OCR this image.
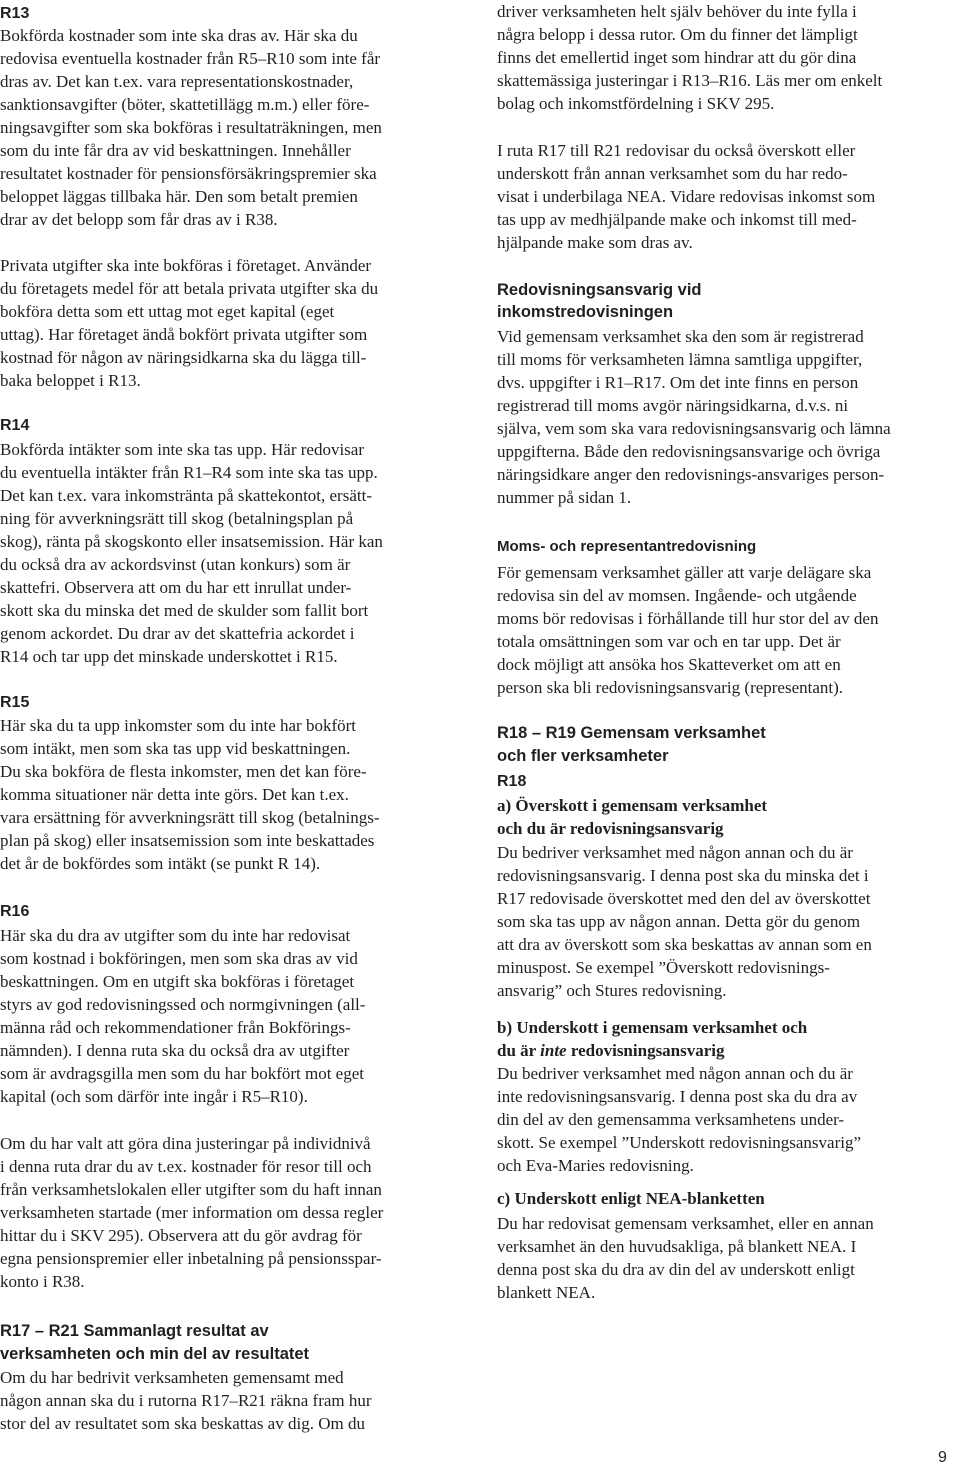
R13
Bokförda kostnader som inte ska dras av. Här ska du
redovisa eventuella kostnader från R5–R10 som inte får
dras av. Det kan t.ex. vara representationskostnader,
sanktionsavgifter (böter, skattetillägg m.m.) eller före-
ningsavgifter som ska bokföras i resultaträkningen, men
som du inte får dra av vid beskattningen. Innehåller
resultatet kostnader för pensionsförsäkringspremier ska
beloppet läggas tillbaka här. Den som betalt premien
drar av det belopp som får dras av i R38.
Privata utgifter ska inte bokföras i företaget. Använder
du företagets medel för att betala privata utgifter ska du
bokföra detta som ett uttag mot eget kapital (eget
uttag). Har företaget ändå bokfört privata utgifter som
kostnad för någon av näringsidkarna ska du lägga till-
baka beloppet i R13.
R14
Bokförda intäkter som inte ska tas upp. Här redovisar
du eventuella intäkter från R1–R4 som inte ska tas upp.
Det kan t.ex. vara inkomstränta på skattekontot, ersätt-
ning för avverkningsrätt till skog (betalningsplan på
skog), ränta på skogskonto eller insatsemission. Här kan
du också dra av ackordsvinst (utan konkurs) som är
skattefri. Observera att om du har ett inrullat under-
skott ska du minska det med de skulder som fallit bort
genom ackordet. Du drar av det skattefria ackordet i
R14 och tar upp det minskade underskottet i R15.
R15
Här ska du ta upp inkomster som du inte har bokfört
som intäkt, men som ska tas upp vid beskattningen.
Du ska bokföra de flesta inkomster, men det kan före-
komma situationer när detta inte görs. Det kan t.ex.
vara ersättning för avverkningsrätt till skog (betalnings-
plan på skog) eller insatsemission som inte beskattades
det år de bokfördes som intäkt (se punkt R 14).
R16
Här ska du dra av utgifter som du inte har redovisat
som kostnad i bokföringen, men som ska dras av vid
beskattningen. Om en utgift ska bokföras i företaget
styrs av god redovisningssed och normgivningen (all-
männa råd och rekommendationer från Bokförings-
nämnden). I denna ruta ska du också dra av utgifter
som är avdragsgilla men som du har bokfört mot eget
kapital (och som därför inte ingår i R5–R10).
Om du har valt att göra dina justeringar på individnivå
i denna ruta drar du av t.ex. kostnader för resor till och
från verksamhetslokalen eller utgifter som du haft innan
verksamheten startade (mer information om dessa regler
hittar du i SKV 295). Observera att du gör avdrag för
egna pensionspremier eller inbetalning på pensionsspar-
konto i R38.
R17 – R21 Sammanlagt resultat av
verksamheten och min del av resultatet
Om du har bedrivit verksamheten gemensamt med
någon annan ska du i rutorna R17–R21 räkna fram hur
stor del av resultatet som ska beskattas av dig. Om du
driver verksamheten helt själv behöver du inte fylla i
några belopp i dessa rutor. Om du finner det lämpligt
finns det emellertid inget som hindrar att du gör dina
skattemässiga justeringar i R13–R16. Läs mer om enkelt
bolag och inkomstfördelning i SKV 295.
I ruta R17 till R21 redovisar du också överskott eller
underskott från annan verksamhet som du har redo-
visat i underbilaga NEA. Vidare redovisas inkomst som
tas upp av medhjälpande make och inkomst till med-
hjälpande make som dras av.
Redovisningsansvarig vid
inkomstredovisningen
Vid gemensam verksamhet ska den som är registrerad
till moms för verksamheten lämna samtliga uppgifter,
dvs. uppgifter i R1–R17. Om det inte finns en person
registrerad till moms avgör näringsidkarna, d.v.s. ni
själva, vem som ska vara redovisningsansvarig och lämna
uppgifterna. Både den redovisningsansvarige och övriga
näringsidkare anger den redovisnings-ansvariges person-
nummer på sidan 1.
Moms- och representantredovisning
För gemensam verksamhet gäller att varje delägare ska
redovisa sin del av momsen. Ingående- och utgående
moms bör redovisas i förhållande till hur stor del av den
totala omsättningen som var och en tar upp. Det är
dock möjligt att ansöka hos Skatteverket om att en
person ska bli redovisningsansvarig (representant).
R18 – R19 Gemensam verksamhet
och fler verksamheter
R18
a) Överskott i gemensam verksamhet
och du är redovisningsansvarig
Du bedriver verksamhet med någon annan och du är
redovisningsansvarig. I denna post ska du minska det i
R17 redovisade överskottet med den del av överskottet
som ska tas upp av någon annan. Detta gör du genom
att dra av överskott som ska beskattas av annan som en
minuspost. Se exempel ”Överskott redovisnings-
ansvarig” och Stures redovisning.
b) Underskott i gemensam verksamhet och
du är inte redovisningsansvarig
Du bedriver verksamhet med någon annan och du är
inte redovisningsansvarig. I denna post ska du dra av
din del av den gemensamma verksamhetens under-
skott. Se exempel ”Underskott redovisningsansvarig”
och Eva-Maries redovisning.
c) Underskott enligt NEA-blanketten
Du har redovisat gemensam verksamhet, eller en annan
verksamhet än den huvudsakliga, på blankett NEA. I
denna post ska du dra av din del av underskott enligt
blankett NEA.
9
